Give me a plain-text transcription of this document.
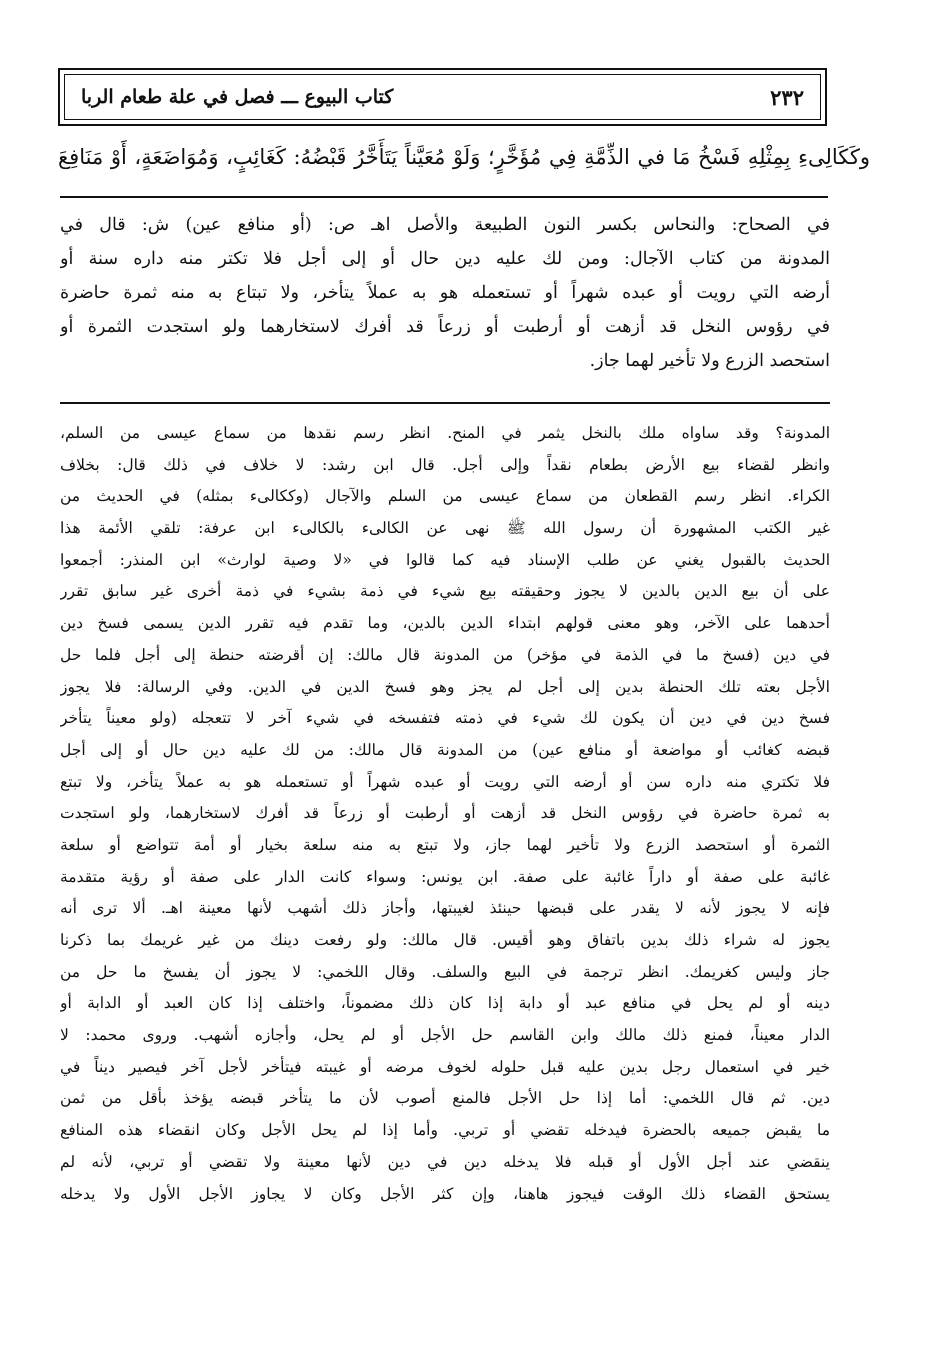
٢٣٢
كتاب البيوع ـــ فصل في علة طعام الربا
وكَكَالِىءِ بِمِثْلِهِ فَسْخُ مَا في الذِّمَّةِ فِي مُؤَخَّرٍ؛ وَلَوْ مُعَيَّناً يَتَأَخَّرُ قَبْضُهُ: كَغَائِبٍ، وَمُوَاضَعَةٍ، أَوْ مَنَافِعَ
في الصحاح: والنحاس بكسر النون الطبيعة والأصل اهـ ص: (أو منافع عين) ش: قال في
المدونة من كتاب الآجال: ومن لك عليه دين حال أو إلى أجل فلا تكتر منه داره سنة أو
أرضه التي رويت أو عبده شهراً أو تستعمله هو به عملاً يتأخر، ولا تبتاع به منه ثمرة حاضرة
في رؤوس النخل قد أزهت أو أرطبت أو زرعاً قد أفرك لاستخارهما ولو استجدت الثمرة أو
استحصد الزرع ولا تأخير لهما جاز.
المدونة؟ وقد ساواه ملك بالنخل يثمر في المنح. انظر رسم نقدها من سماع عيسى من السلم،
وانظر لقضاء بيع الأرض بطعام نقداً وإلى أجل. قال ابن رشد: لا خلاف في ذلك قال: بخلاف
الكراء. انظر رسم القطعان من سماع عيسى من السلم والآجال (وككالىء بمثله) في الحديث من
غير الكتب المشهورة أن رسول الله ﷺ نهى عن الكالىء بالكالىء ابن عرفة: تلقي الأئمة هذا
الحديث بالقبول يغني عن طلب الإسناد فيه كما قالوا في «لا وصية لوارث» ابن المنذر: أجمعوا
على أن بيع الدين بالدين لا يجوز وحقيقته بيع شيء في ذمة بشيء في ذمة أخرى غير سابق تقرر
أحدهما على الآخر، وهو معنى قولهم ابتداء الدين بالدين، وما تقدم فيه تقرر الدين يسمى فسخ دين
في دين (فسخ ما في الذمة في مؤخر) من المدونة قال مالك: إن أقرضته حنطة إلى أجل فلما حل
الأجل بعته تلك الحنطة بدين إلى أجل لم يجز وهو فسخ الدين في الدين. وفي الرسالة: فلا يجوز
فسخ دين في دين أن يكون لك شيء في ذمته فتفسخه في شيء آخر لا تتعجله (ولو معيناً يتأخر
قبضه كغائب أو مواضعة أو منافع عين) من المدونة قال مالك: من لك عليه دين حال أو إلى أجل
فلا تكتري منه داره سن أو أرضه التي رويت أو عبده شهراً أو تستعمله هو به عملاً يتأخر، ولا تبتع
به ثمرة حاضرة في رؤوس النخل قد أزهت أو أرطبت أو زرعاً قد أفرك لاستخارهما، ولو استجدت
الثمرة أو استحصد الزرع ولا تأخير لهما جاز، ولا تبتع به منه سلعة بخيار أو أمة تتواضع أو سلعة
غائبة على صفة أو داراً غائبة على صفة. ابن يونس: وسواء كانت الدار على صفة أو رؤية متقدمة
فإنه لا يجوز لأنه لا يقدر على قبضها حينئذ لغيبتها، وأجاز ذلك أشهب لأنها معينة اهـ. ألا ترى أنه
يجوز له شراء ذلك بدين باتفاق وهو أقيس. قال مالك: ولو رفعت دينك من غير غريمك بما ذكرنا
جاز وليس كغريمك. انظر ترجمة في البيع والسلف. وقال اللخمي: لا يجوز أن يفسخ ما حل من
دينه أو لم يحل في منافع عبد أو دابة إذا كان ذلك مضموناً، واختلف إذا كان العبد أو الدابة أو
الدار معيناً، فمنع ذلك مالك وابن القاسم حل الأجل أو لم يحل، وأجازه أشهب. وروى محمد: لا
خير في استعمال رجل بدين عليه قبل حلوله لخوف مرضه أو غيبته فيتأخر لأجل آخر فيصير ديناً في
دين. ثم قال اللخمي: أما إذا حل الأجل فالمنع أصوب لأن ما يتأخر قبضه يؤخذ بأقل من ثمن
ما يقبض جميعه بالحضرة فيدخله تقضي أو تربي. وأما إذا لم يحل الأجل وكان انقضاء هذه المنافع
ينقضي عند أجل الأول أو قبله فلا يدخله دين في دين لأنها معينة ولا تقضي أو تربي، لأنه لم
يستحق القضاء ذلك الوقت فيجوز هاهنا، وإن كثر الأجل وكان لا يجاوز الأجل الأول ولا يدخله
